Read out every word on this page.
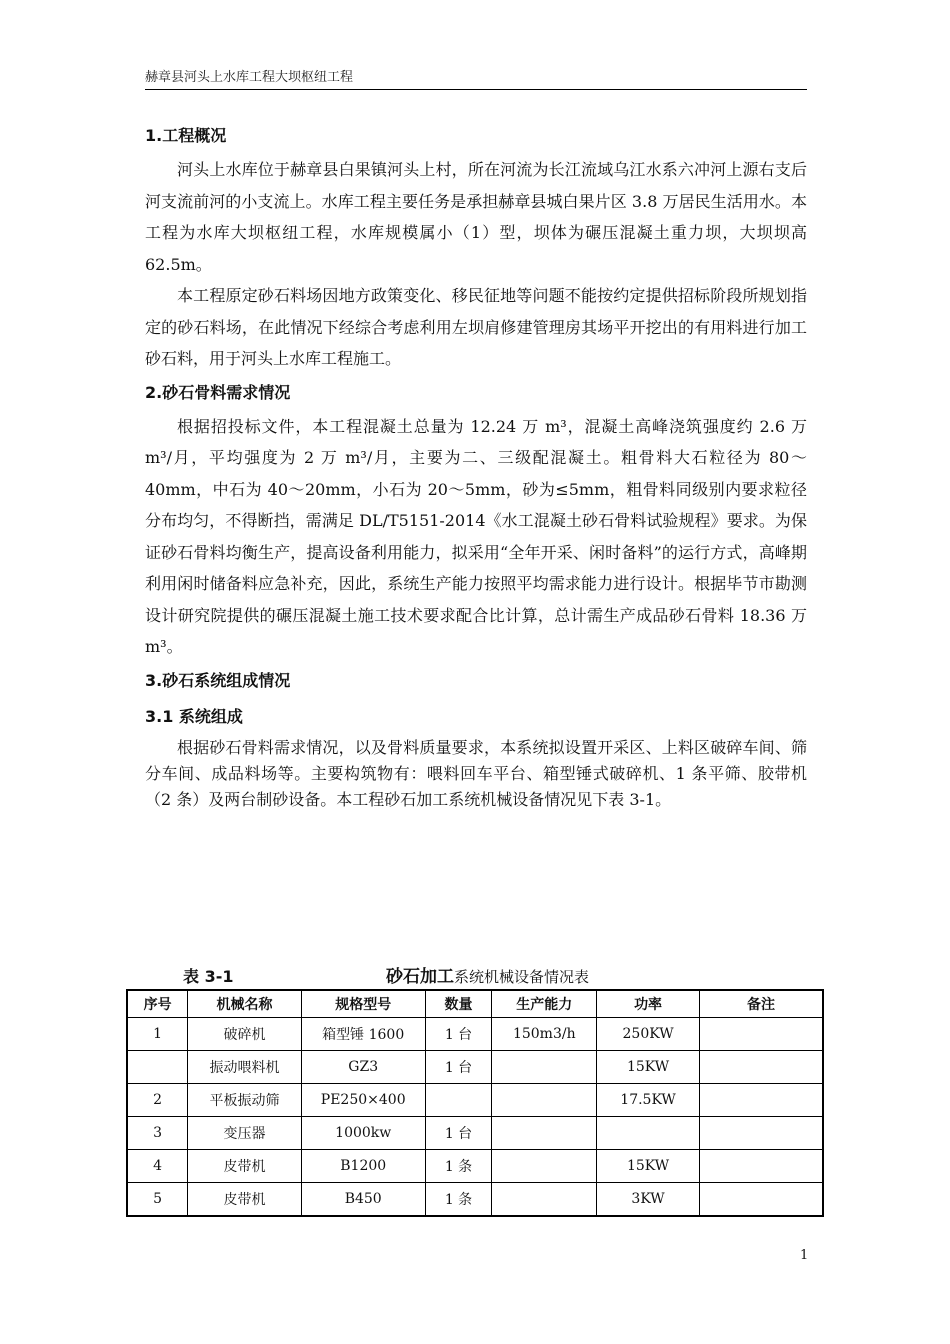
赫章县河头上水库工程大坝枢纽工程
1.工程概况

河头上水库位于赫章县白果镇河头上村，所在河流为长江流域乌江水系六冲河上源右支后河支流前河的小支流上。水库工程主要任务是承担赫章县城白果片区 3.8 万居民生活用水。本工程为水库大坝枢纽工程，水库规模属小（1）型，坝体为碾压混凝土重力坝，大坝坝高 62.5m。

本工程原定砂石料场因地方政策变化、移民征地等问题不能按约定提供招标阶段所规划指定的砂石料场，在此情况下经综合考虑利用左坝肩修建管理房其场平开挖出的有用料进行加工砂石料，用于河头上水库工程施工。

2.砂石骨料需求情况

根据招投标文件，本工程混凝土总量为 12.24 万 m³，混凝土高峰浇筑强度约 2.6 万 m³/月，平均强度为 2 万 m³/月，主要为二、三级配混凝土。粗骨料大石粒径为 80～40mm，中石为 40～20mm，小石为 20～5mm，砂为≤5mm，粗骨料同级别内要求粒径分布均匀，不得断挡，需满足 DL/T5151-2014《水工混凝土砂石骨料试验规程》要求。为保证砂石骨料均衡生产，提高设备利用能力，拟采用“全年开采、闲时备料”的运行方式，高峰期利用闲时储备料应急补充，因此，系统生产能力按照平均需求能力进行设计。根据毕节市勘测设计研究院提供的碾压混凝土施工技术要求配合比计算，总计需生产成品砂石骨料 18.36 万 m³。

3.砂石系统组成情况
3.1 系统组成

根据砂石骨料需求情况，以及骨料质量要求，本系统拟设置开采区、上料区破碎车间、筛分车间、成品料场等。主要构筑物有：喂料回车平台、箱型锤式破碎机、1 条平筛、胶带机（2 条）及两台制砂设备。本工程砂石加工系统机械设备情况见下表 3-1。

表 3-1	砂石加工系统机械设备情况表
序号	机械名称	规格型号	数量	生产能力	功率	备注
1	破碎机	箱型锤 1600	1 台	150m3/h	250KW	
	振动喂料机	GZ3	1 台		15KW	
2	平板振动筛	PE250×400			17.5KW	
3	变压器	1000kw	1 台			
4	皮带机	B1200	1 条		15KW	
5	皮带机	B450	1 条		3KW	
1
